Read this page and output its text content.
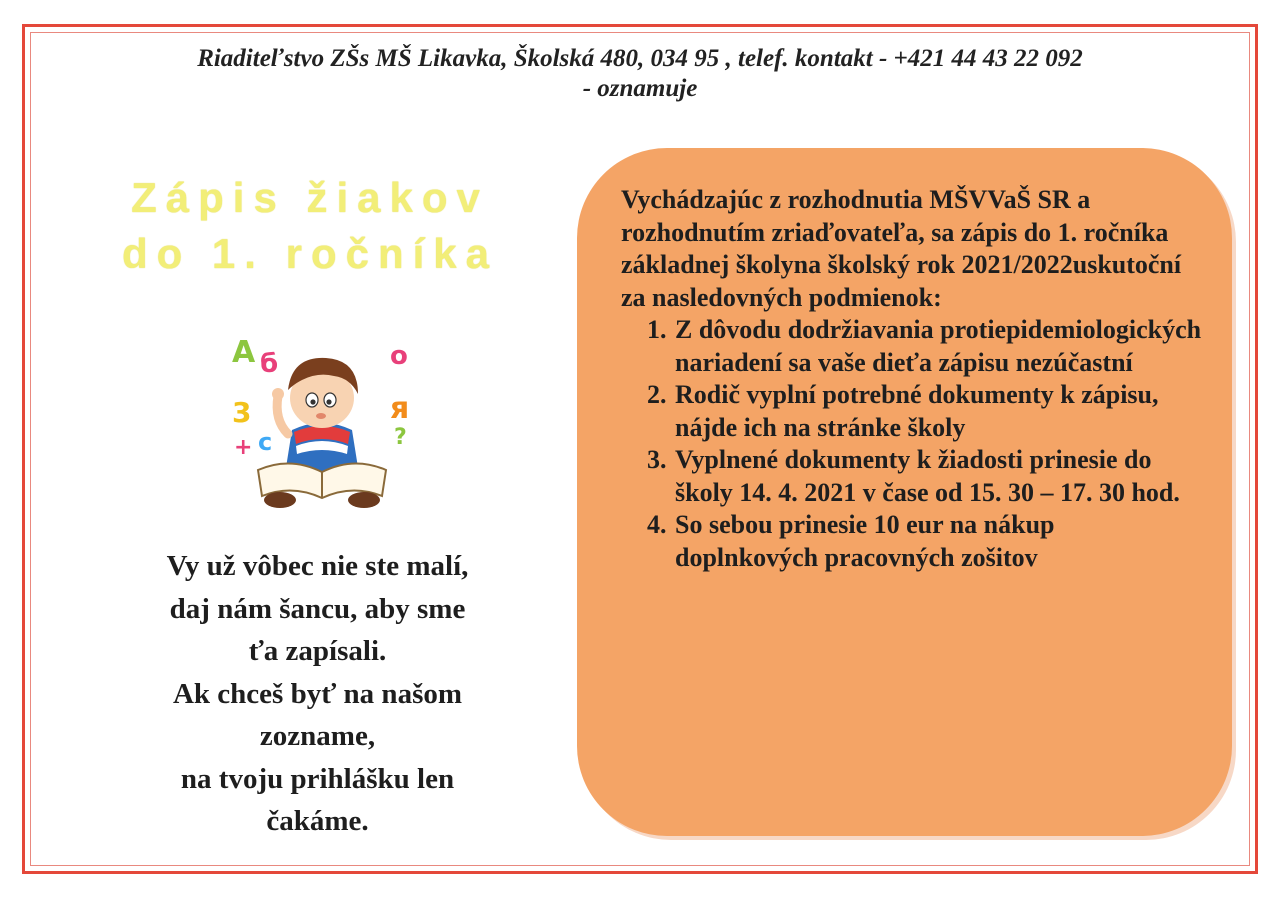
Riaditeľstvo ZŠs MŠ Likavka, Školská 480, 034 95 , telef. kontakt - +421 44 43 22 092
- oznamuje
Zápis žiakov
do 1. ročníka
A б	o
3	я
c
+	?
Vy už vôbec nie ste malí,
daj nám šancu, aby sme
ťa zapísali.
Ak chceš byť na našom
zozname,
na tvoju prihlášku len
čakáme.

Vychádzajúc z rozhodnutia MŠVVaŠ SR a rozhodnutím zriaďovateľa, sa zápis do 1. ročníka základnej školyna školský rok 2021/2022uskutoční za nasledovných podmienok:

1. Z dôvodu dodržiavania protiepidemiologických nariadení sa vaše dieťa zápisu nezúčastní
2. Rodič vyplní potrebné dokumenty k zápisu, nájde ich na stránke školy
3. Vyplnené dokumenty k žiadosti prinesie do školy 14. 4. 2021 v čase od 15. 30 – 17. 30 hod.
4. So sebou prinesie 10 eur na nákup doplnkových pracovných zošitov
